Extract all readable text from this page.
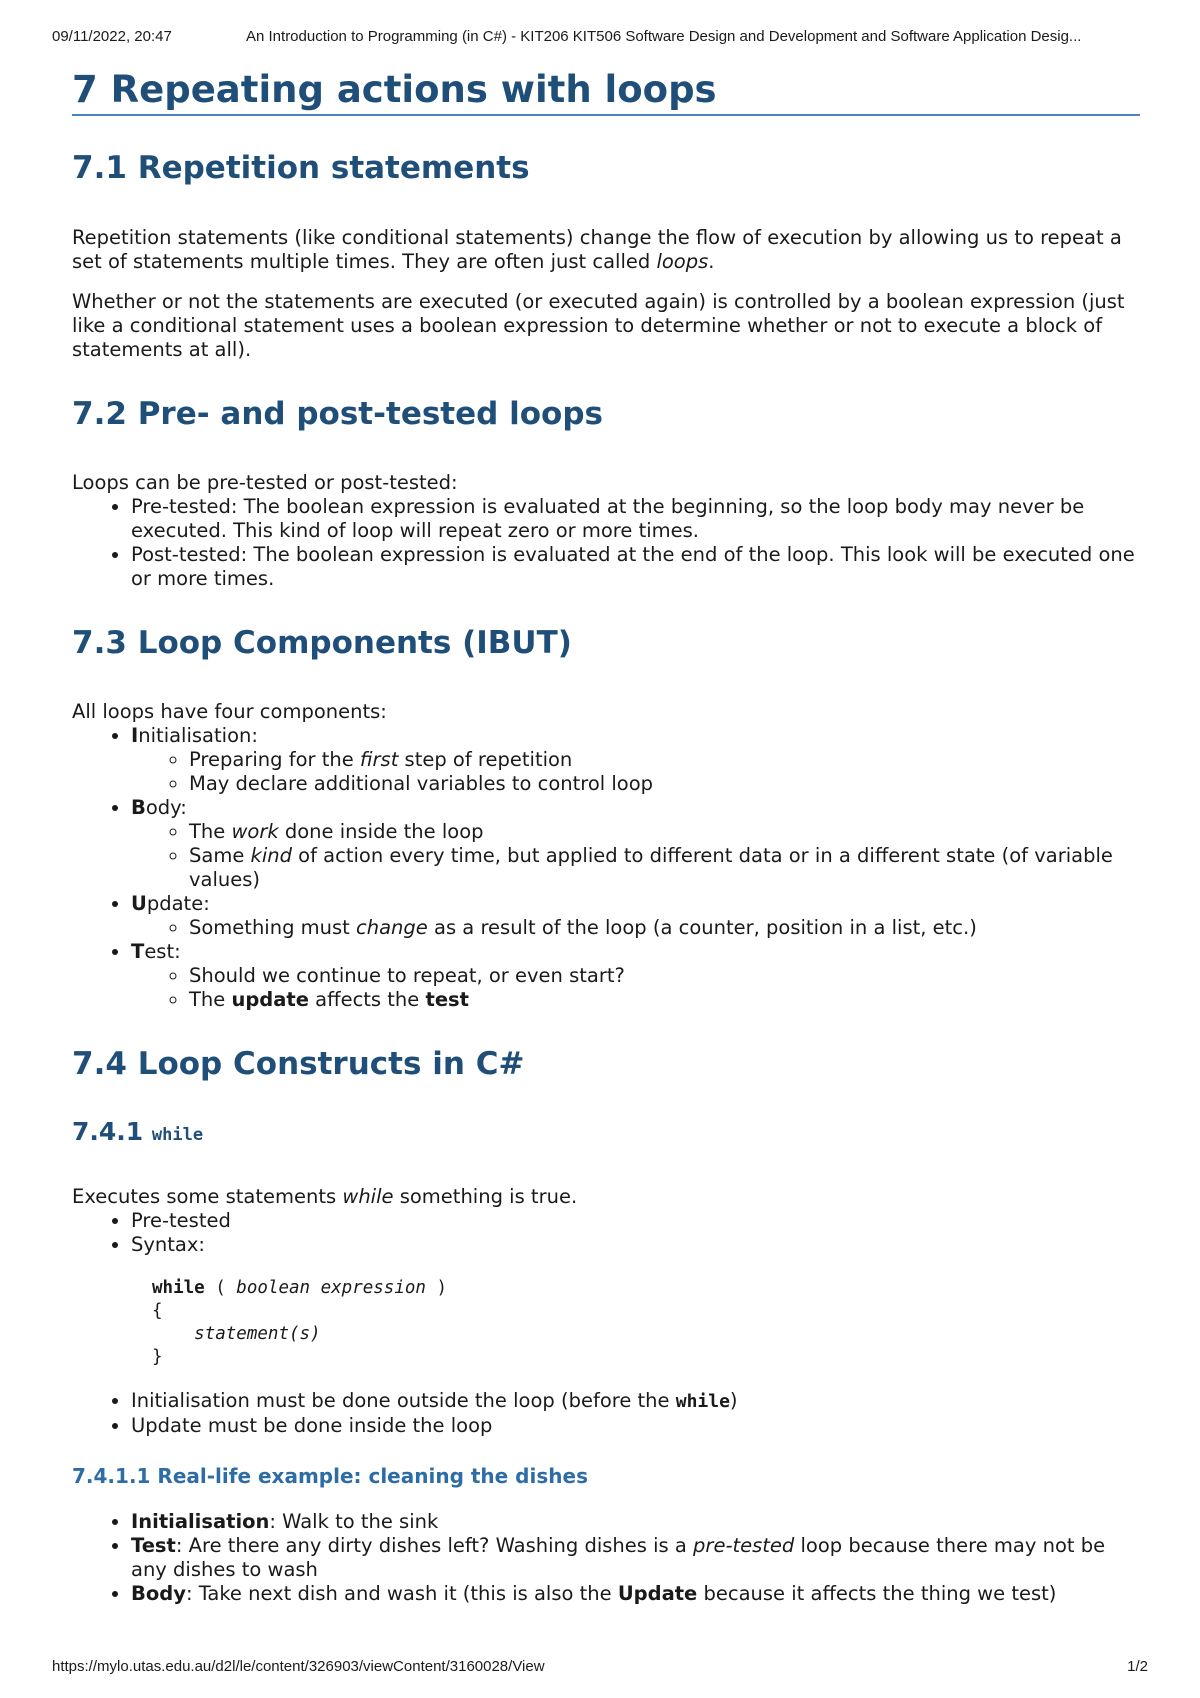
09/11/2022, 20:47	An Introduction to Programming (in C#) - KIT206 KIT506 Software Design and Development and Software Application Desig...
7 Repeating actions with loops
7.1 Repetition statements

Repetition statements (like conditional statements) change the flow of execution by allowing us to repeat a set of statements multiple times. They are often just called loops.

Whether or not the statements are executed (or executed again) is controlled by a boolean expression (just like a conditional statement uses a boolean expression to determine whether or not to execute a block of statements at all).

7.2 Pre- and post-tested loops

Loops can be pre-tested or post-tested:

• Pre-tested: The boolean expression is evaluated at the beginning, so the loop body may never be executed. This kind of loop will repeat zero or more times.
• Post-tested: The boolean expression is evaluated at the end of the loop. This look will be executed one or more times.
7.3 Loop Components (IBUT)

All loops have four components:

• Initialisation:
◦ Preparing for the first step of repetition
◦ May declare additional variables to control loop
• Body:
◦ The work done inside the loop
◦ Same kind of action every time, but applied to different data or in a different state (of variable values)
• Update:
◦ Something must change as a result of the loop (a counter, position in a list, etc.)
• Test:
◦ Should we continue to repeat, or even start?
◦ The update affects the test
7.4 Loop Constructs in C#
7.4.1 while

Executes some statements while something is true.

• Pre-tested
• Syntax:
while ( boolean expression )
{
statement(s)
}
• Initialisation must be done outside the loop (before the while)
• Update must be done inside the loop
7.4.1.1 Real-life example: cleaning the dishes
• Initialisation: Walk to the sink
• Test: Are there any dirty dishes left? Washing dishes is a pre-tested loop because there may not be any dishes to wash
• Body: Take next dish and wash it (this is also the Update because it affects the thing we test)
https://mylo.utas.edu.au/d2l/le/content/326903/viewContent/3160028/View	1/2
